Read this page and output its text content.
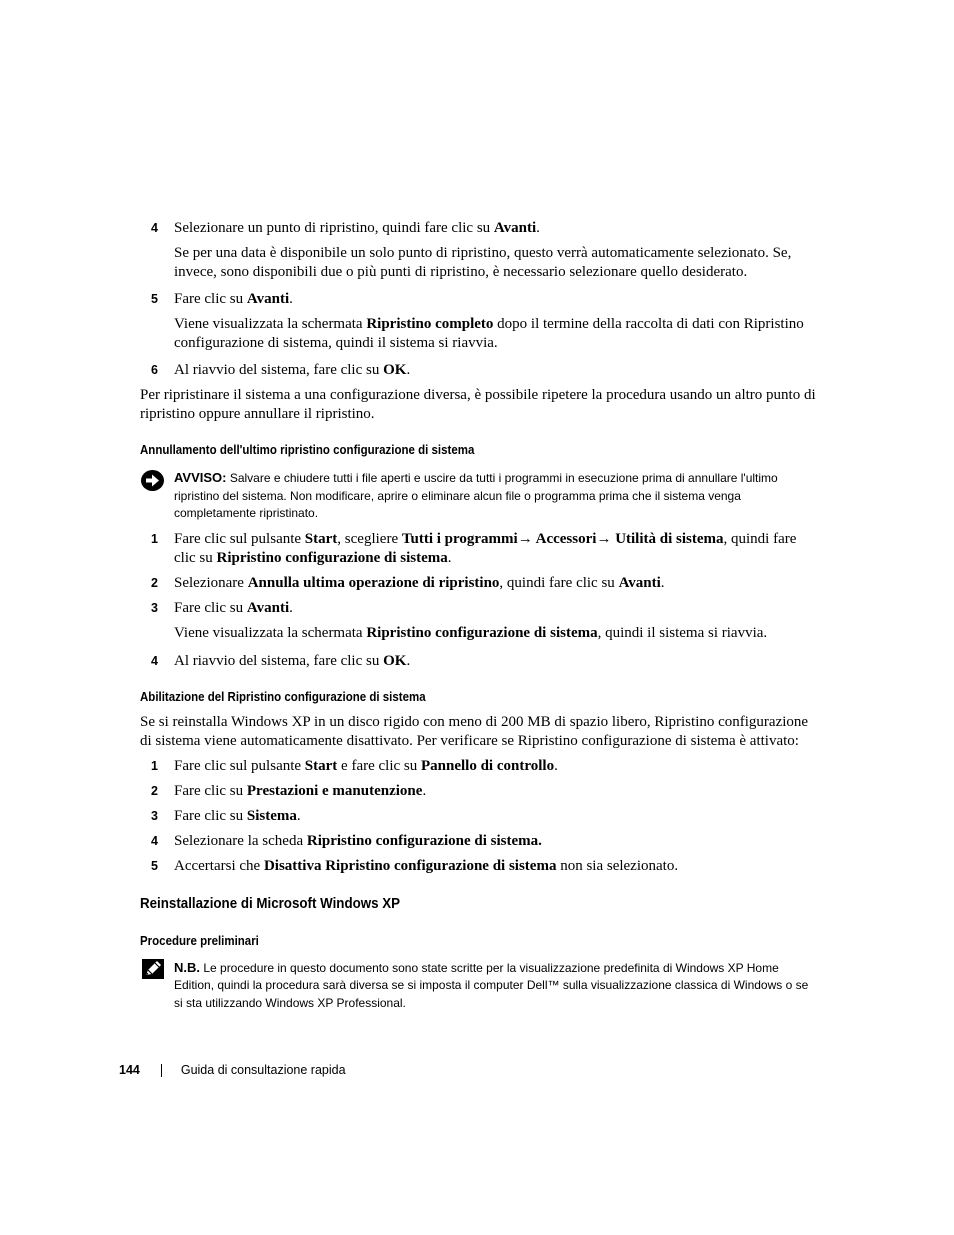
4 Selezionare un punto di ripristino, quindi fare clic su Avanti.

Se per una data è disponibile un solo punto di ripristino, questo verrà automaticamente selezionato. Se, invece, sono disponibili due o più punti di ripristino, è necessario selezionare quello desiderato.

5 Fare clic su Avanti.

Viene visualizzata la schermata Ripristino completo dopo il termine della raccolta di dati con Ripristino configurazione di sistema, quindi il sistema si riavvia.

6 Al riavvio del sistema, fare clic su OK.

Per ripristinare il sistema a una configurazione diversa, è possibile ripetere la procedura usando un altro punto di ripristino oppure annullare il ripristino.

Annullamento dell'ultimo ripristino configurazione di sistema

AVVISO: Salvare e chiudere tutti i file aperti e uscire da tutti i programmi in esecuzione prima di annullare l'ultimo ripristino del sistema. Non modificare, aprire o eliminare alcun file o programma prima che il sistema venga completamente ripristinato.

1 Fare clic sul pulsante Start, scegliere Tutti i programmi→ Accessori→ Utilità di sistema, quindi fare clic su Ripristino configurazione di sistema.

2 Selezionare Annulla ultima operazione di ripristino, quindi fare clic su Avanti.

3 Fare clic su Avanti.

Viene visualizzata la schermata Ripristino configurazione di sistema, quindi il sistema si riavvia.

4 Al riavvio del sistema, fare clic su OK.

Abilitazione del Ripristino configurazione di sistema

Se si reinstalla Windows XP in un disco rigido con meno di 200 MB di spazio libero, Ripristino configurazione di sistema viene automaticamente disattivato. Per verificare se Ripristino configurazione di sistema è attivato:

1 Fare clic sul pulsante Start e fare clic su Pannello di controllo.

2 Fare clic su Prestazioni e manutenzione.

3 Fare clic su Sistema.

4 Selezionare la scheda Ripristino configurazione di sistema.

5 Accertarsi che Disattiva Ripristino configurazione di sistema non sia selezionato.

Reinstallazione di Microsoft Windows XP

Procedure preliminari

N.B. Le procedure in questo documento sono state scritte per la visualizzazione predefinita di Windows XP Home Edition, quindi la procedura sarà diversa se si imposta il computer Dell™ sulla visualizzazione classica di Windows o se si sta utilizzando Windows XP Professional.
144	Guida di consultazione rapida
